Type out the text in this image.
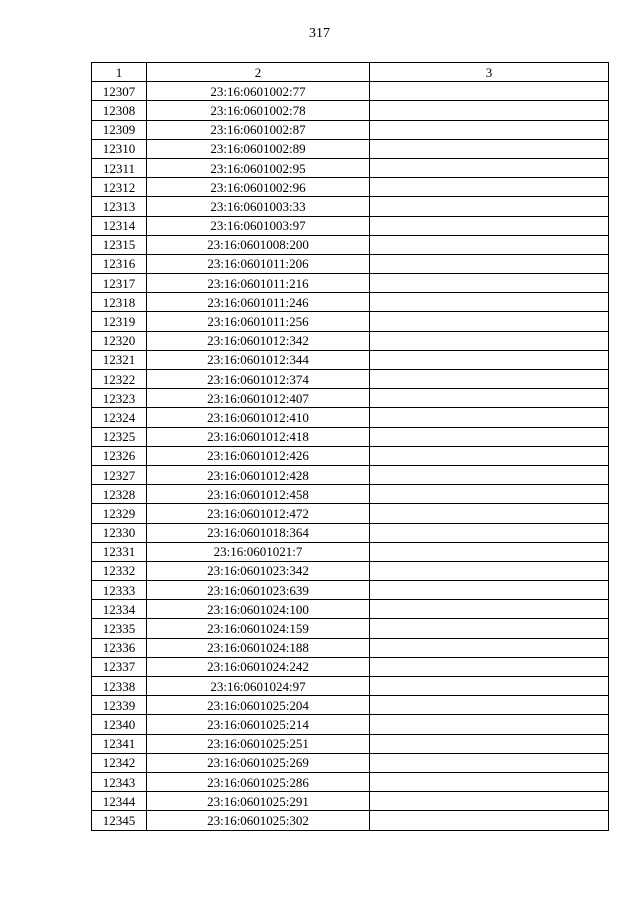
317
1	2	3
12307	23:16:0601002:77	
12308	23:16:0601002:78	
12309	23:16:0601002:87	
12310	23:16:0601002:89	
12311	23:16:0601002:95	
12312	23:16:0601002:96	
12313	23:16:0601003:33	
12314	23:16:0601003:97	
12315	23:16:0601008:200	
12316	23:16:0601011:206	
12317	23:16:0601011:216	
12318	23:16:0601011:246	
12319	23:16:0601011:256	
12320	23:16:0601012:342	
12321	23:16:0601012:344	
12322	23:16:0601012:374	
12323	23:16:0601012:407	
12324	23:16:0601012:410	
12325	23:16:0601012:418	
12326	23:16:0601012:426	
12327	23:16:0601012:428	
12328	23:16:0601012:458	
12329	23:16:0601012:472	
12330	23:16:0601018:364	
12331	23:16:0601021:7	
12332	23:16:0601023:342	
12333	23:16:0601023:639	
12334	23:16:0601024:100	
12335	23:16:0601024:159	
12336	23:16:0601024:188	
12337	23:16:0601024:242	
12338	23:16:0601024:97	
12339	23:16:0601025:204	
12340	23:16:0601025:214	
12341	23:16:0601025:251	
12342	23:16:0601025:269	
12343	23:16:0601025:286	
12344	23:16:0601025:291	
12345	23:16:0601025:302	
